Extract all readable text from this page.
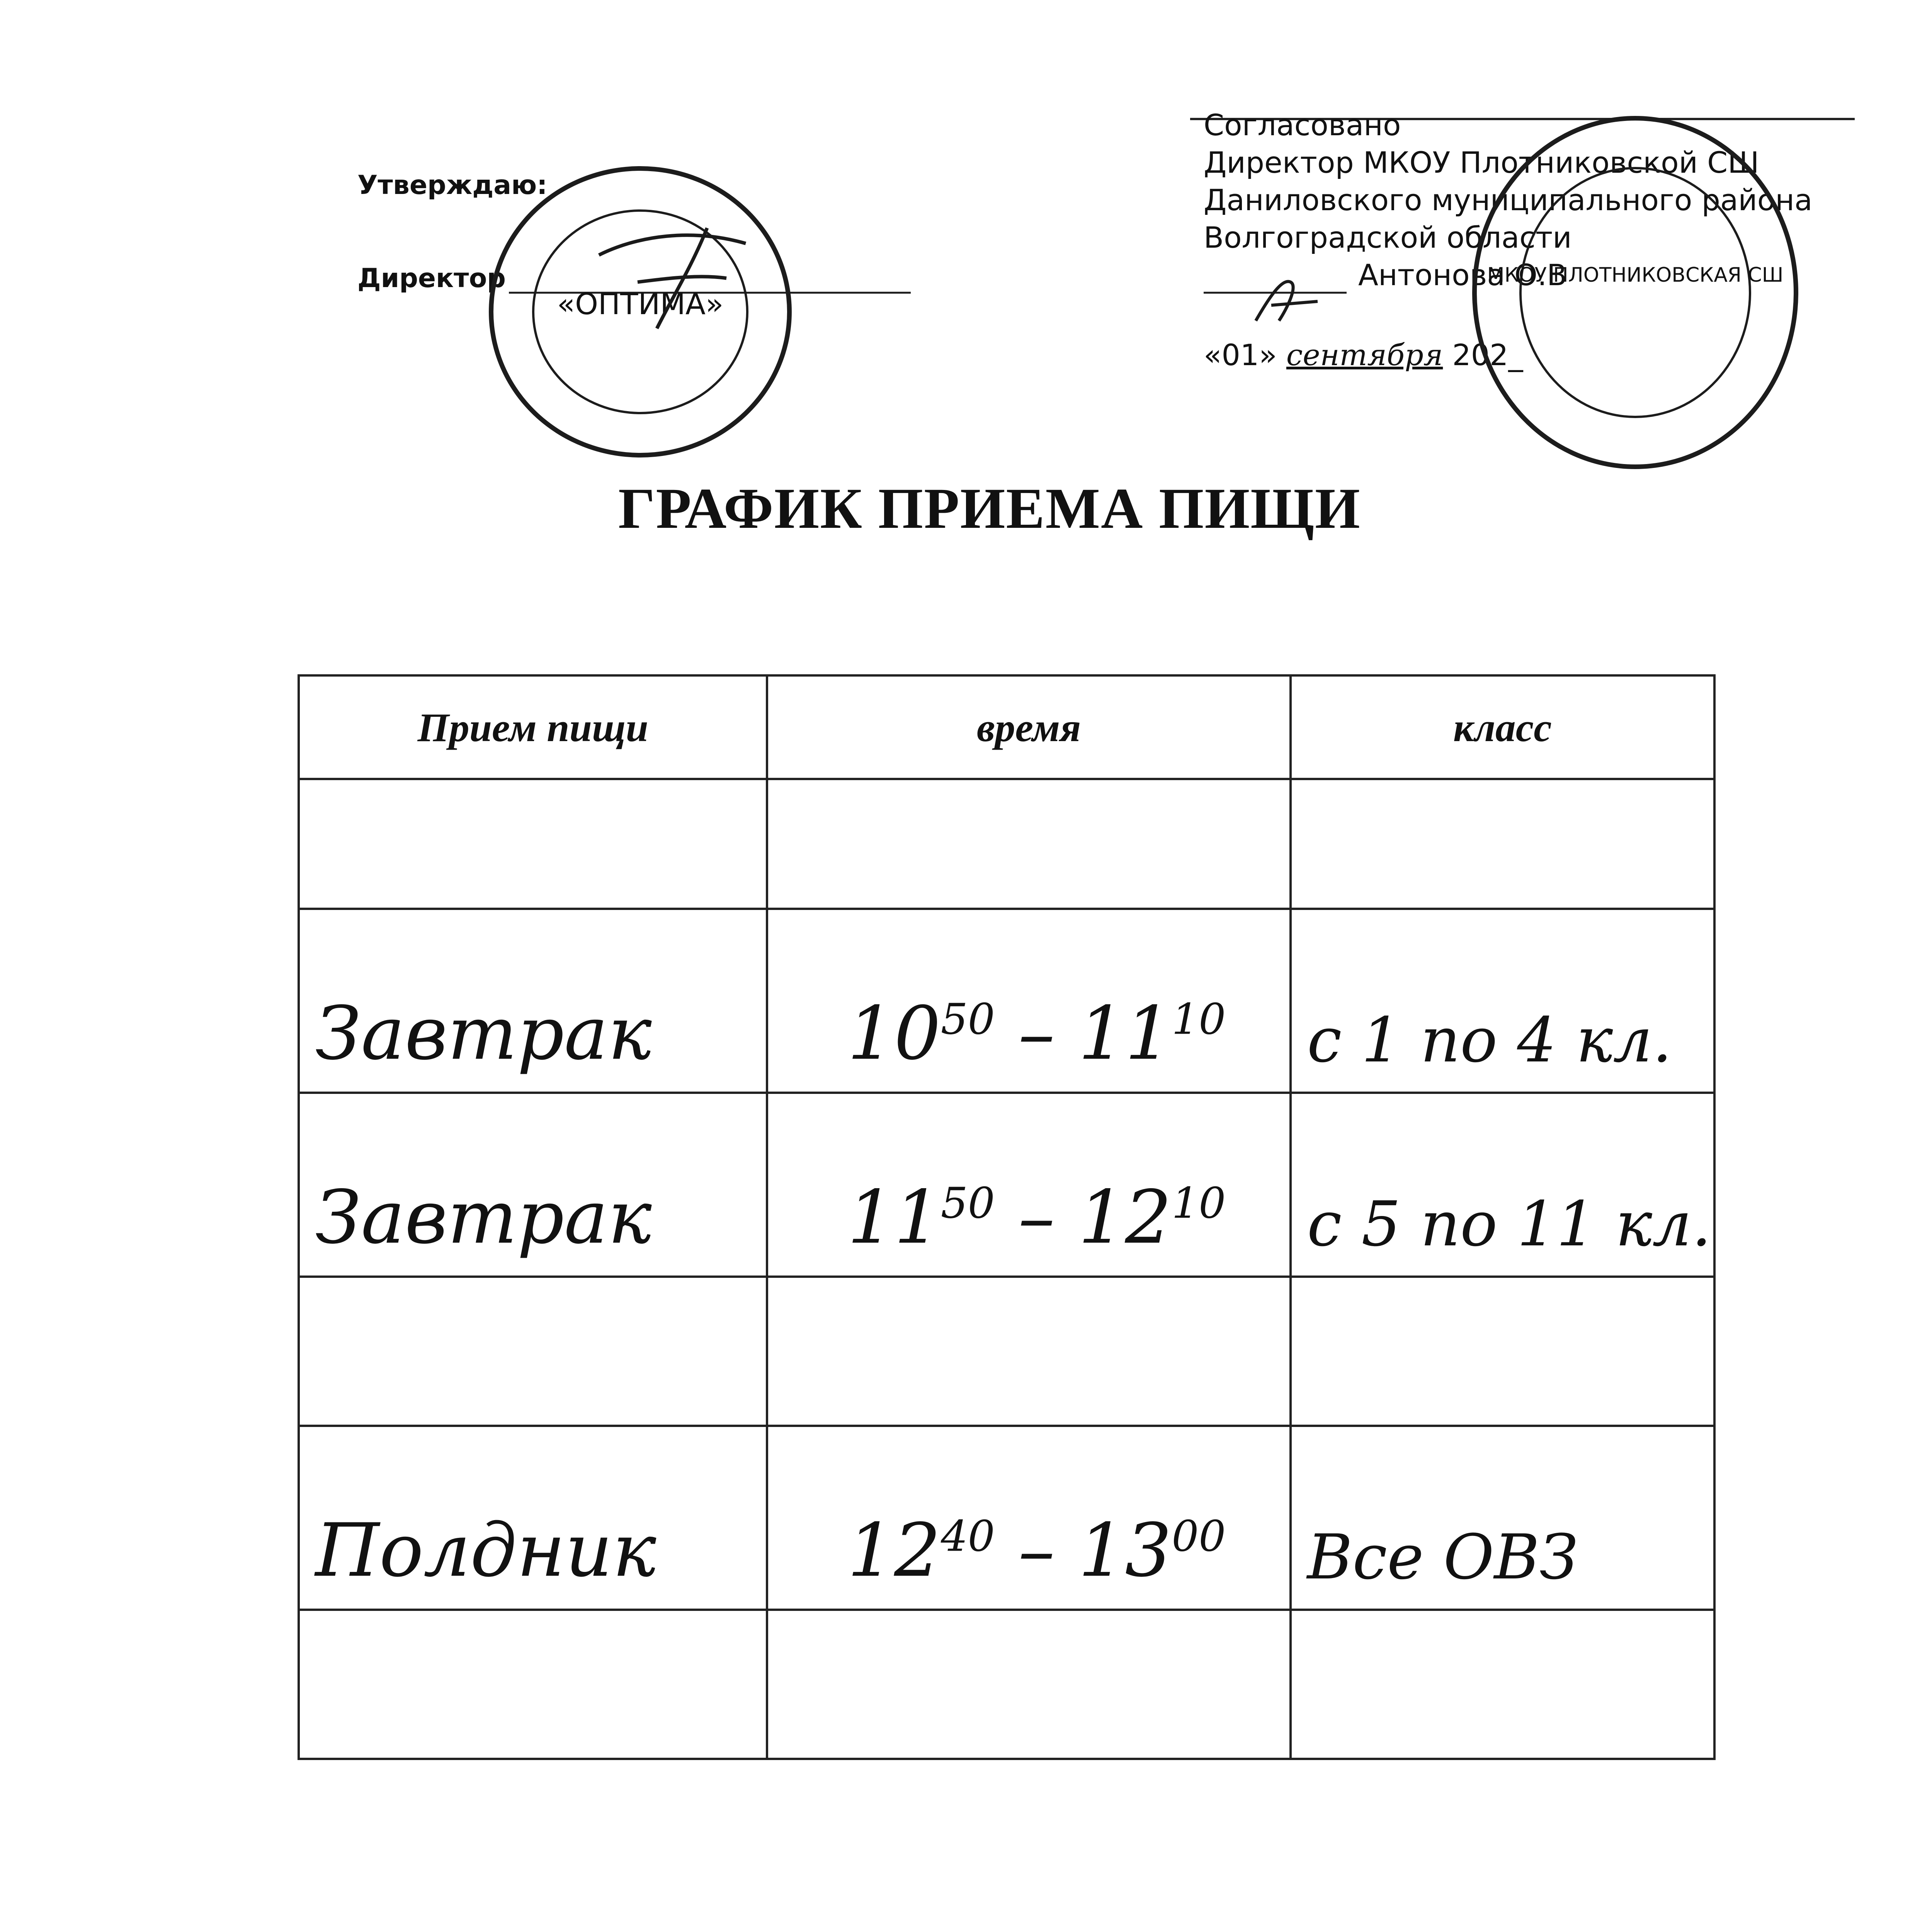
Утверждаю:
Директор
«ОПТИМА»
Согласовано
Директор МКОУ Плотниковской СШ
Даниловского муниципального района
Волгоградской области
Антонова О.В
«01» сентября 202_
МКОУ ПЛОТНИКОВСКАЯ СШ
ГРАФИК ПРИЕМА ПИЩИ
Прием пищи	время	класс

Завтрак	$10^{50} - 11^{10}$	с 1 по 4 кл.
Завтрак	$11^{50} - 12^{10}$	с 5 по 11 кл.

Полдник	$12^{40} - 13^{00}$	Все ОВЗ
